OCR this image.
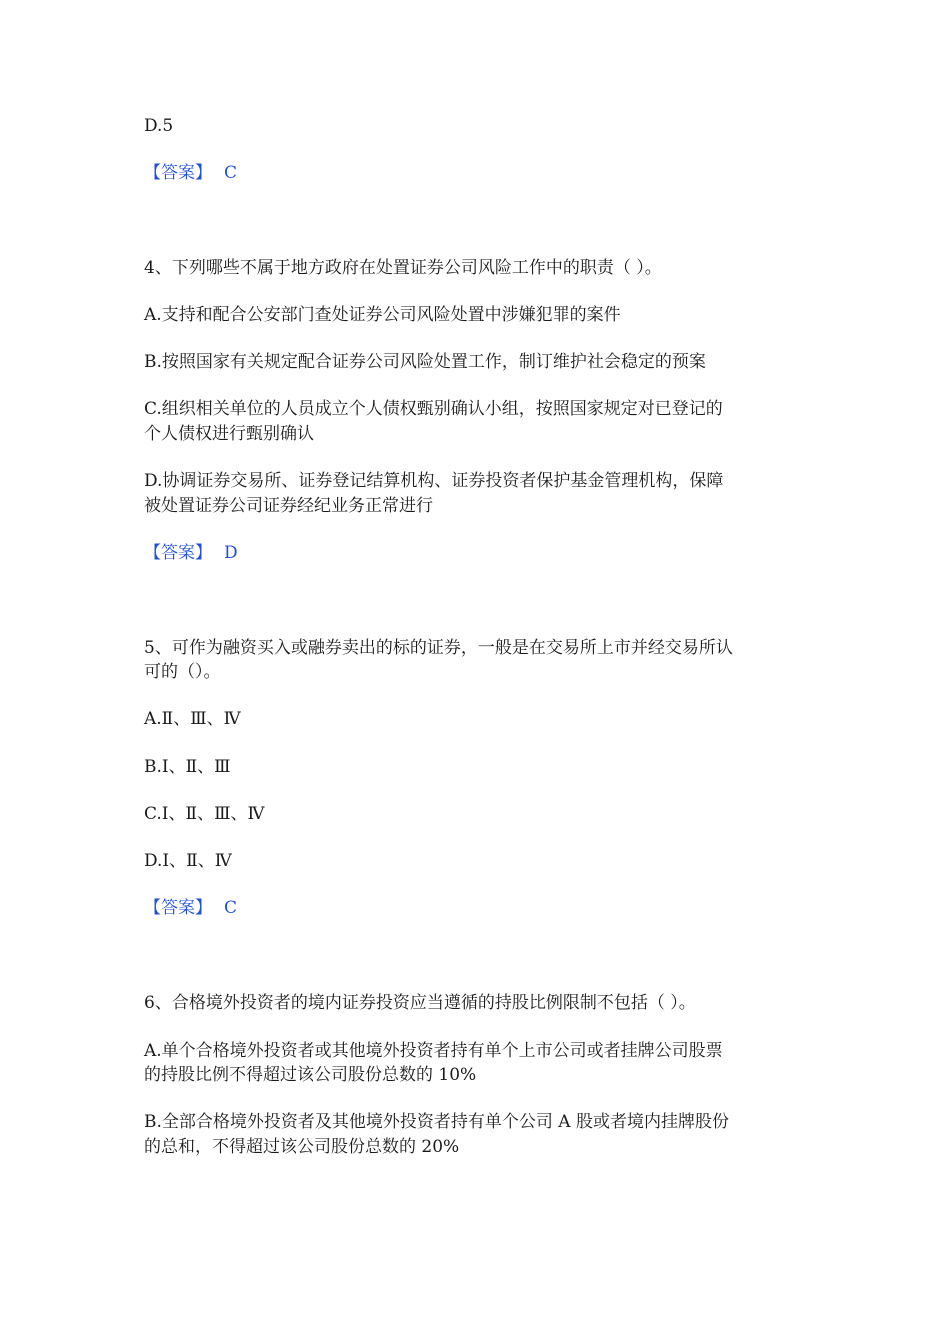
D.5
【答案】 C
4、下列哪些不属于地方政府在处置证券公司风险工作中的职责（ ）。
A.支持和配合公安部门查处证券公司风险处置中涉嫌犯罪的案件
B.按照国家有关规定配合证券公司风险处置工作，制订维护社会稳定的预案
C.组织相关单位的人员成立个人债权甄别确认小组，按照国家规定对已登记的
个人债权进行甄别确认
D.协调证券交易所、证券登记结算机构、证券投资者保护基金管理机构，保障
被处置证券公司证券经纪业务正常进行
【答案】 D
5、可作为融资买入或融券卖出的标的证券，一般是在交易所上市并经交易所认
可的（）。
A.Ⅱ、Ⅲ、Ⅳ
B.Ⅰ、Ⅱ、Ⅲ
C.Ⅰ、Ⅱ、Ⅲ、Ⅳ
D.Ⅰ、Ⅱ、Ⅳ
【答案】 C
6、合格境外投资者的境内证券投资应当遵循的持股比例限制不包括（ ）。
A.单个合格境外投资者或其他境外投资者持有单个上市公司或者挂牌公司股票
的持股比例不得超过该公司股份总数的 10%
B.全部合格境外投资者及其他境外投资者持有单个公司 A 股或者境内挂牌股份
的总和，不得超过该公司股份总数的 20%
